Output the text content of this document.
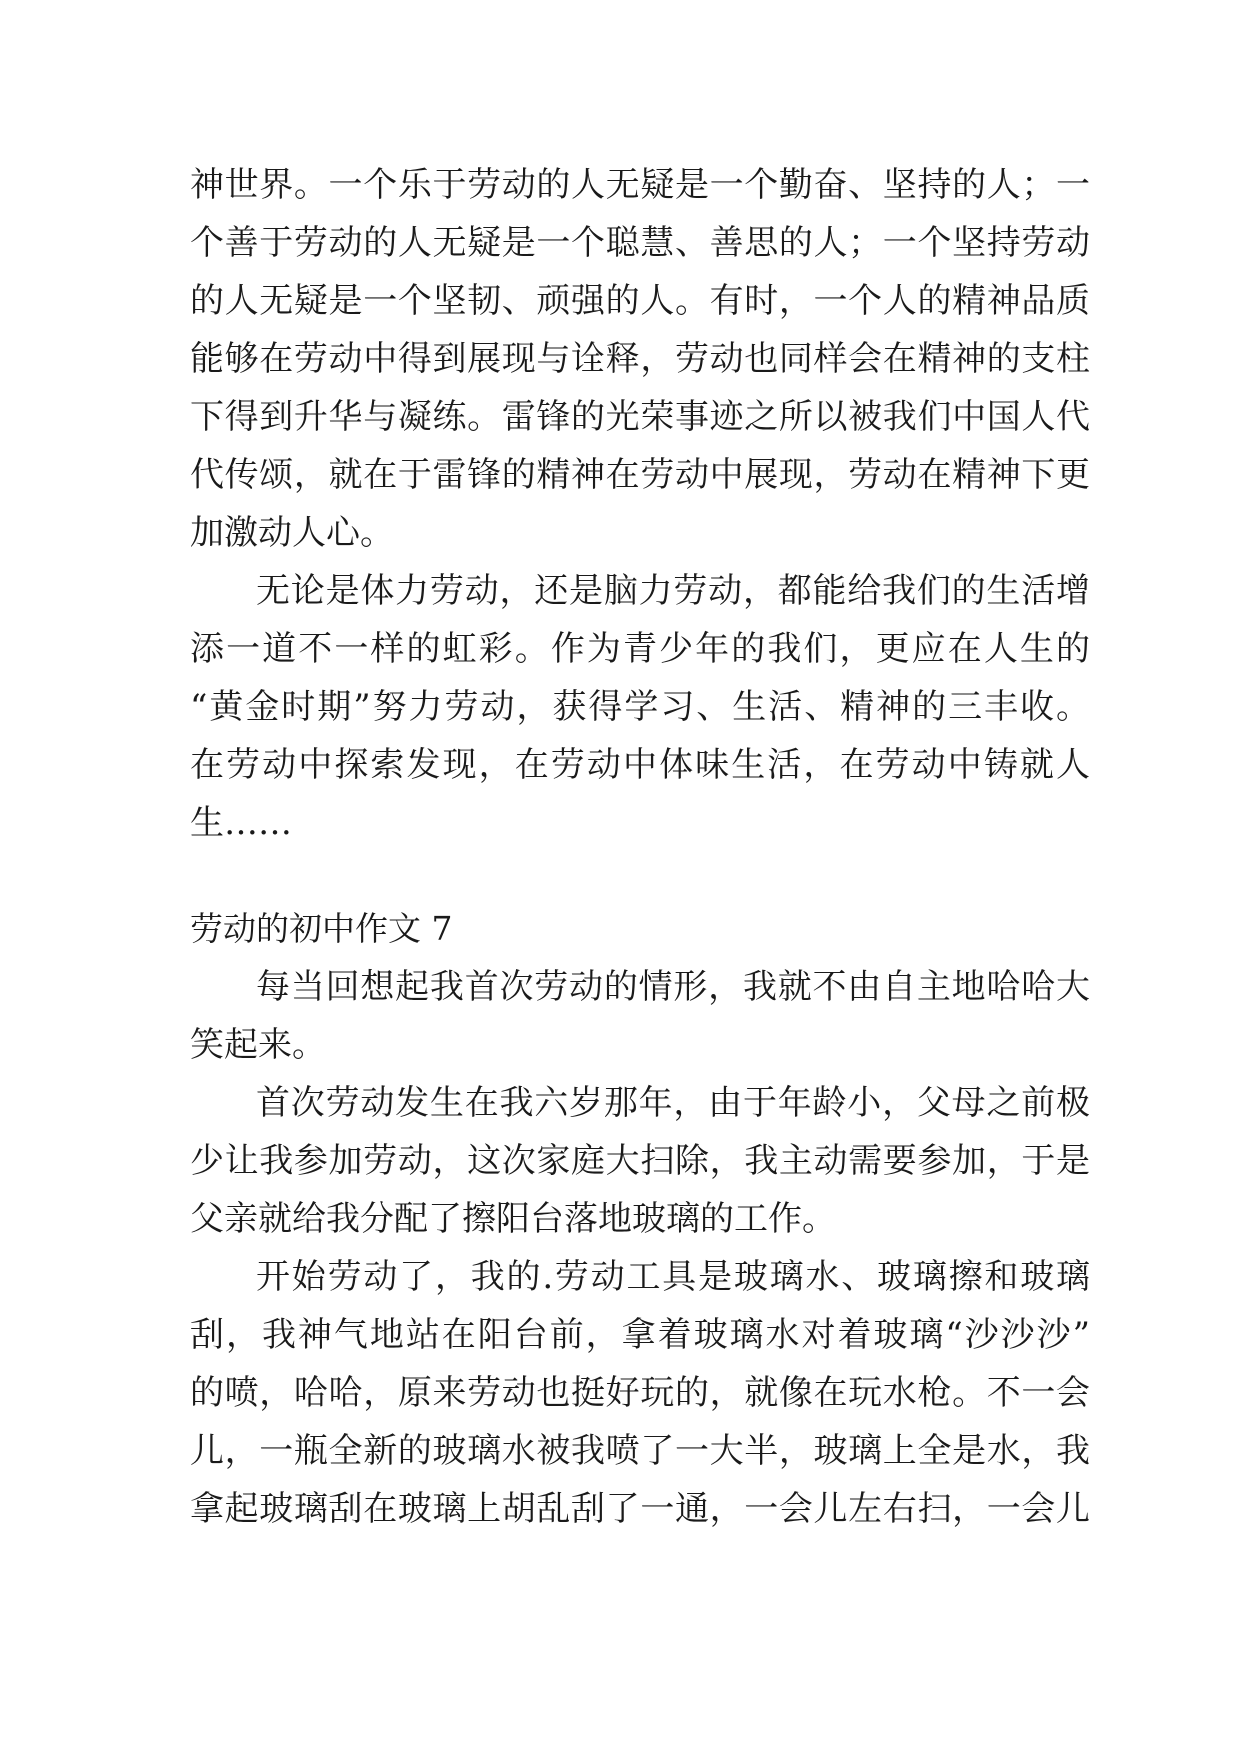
神世界。一个乐于劳动的人无疑是一个勤奋、坚持的人；一
个善于劳动的人无疑是一个聪慧、善思的人；一个坚持劳动
的人无疑是一个坚韧、顽强的人。有时，一个人的精神品质
能够在劳动中得到展现与诠释，劳动也同样会在精神的支柱
下得到升华与凝练。雷锋的光荣事迹之所以被我们中国人代
代传颂，就在于雷锋的精神在劳动中展现，劳动在精神下更
加激动人心。
无论是体力劳动，还是脑力劳动，都能给我们的生活增
添一道不一样的虹彩。作为青少年的我们，更应在人生的
“黄金时期”努力劳动，获得学习、生活、精神的三丰收。
在劳动中探索发现，在劳动中体味生活，在劳动中铸就人
生……
劳动的初中作文 7
每当回想起我首次劳动的情形，我就不由自主地哈哈大
笑起来。
首次劳动发生在我六岁那年，由于年龄小，父母之前极
少让我参加劳动，这次家庭大扫除，我主动需要参加，于是
父亲就给我分配了擦阳台落地玻璃的工作。
开始劳动了，我的.劳动工具是玻璃水、玻璃擦和玻璃
刮，我神气地站在阳台前，拿着玻璃水对着玻璃“沙沙沙”
的喷，哈哈，原来劳动也挺好玩的，就像在玩水枪。不一会
儿，一瓶全新的玻璃水被我喷了一大半，玻璃上全是水，我
拿起玻璃刮在玻璃上胡乱刮了一通，一会儿左右扫，一会儿
